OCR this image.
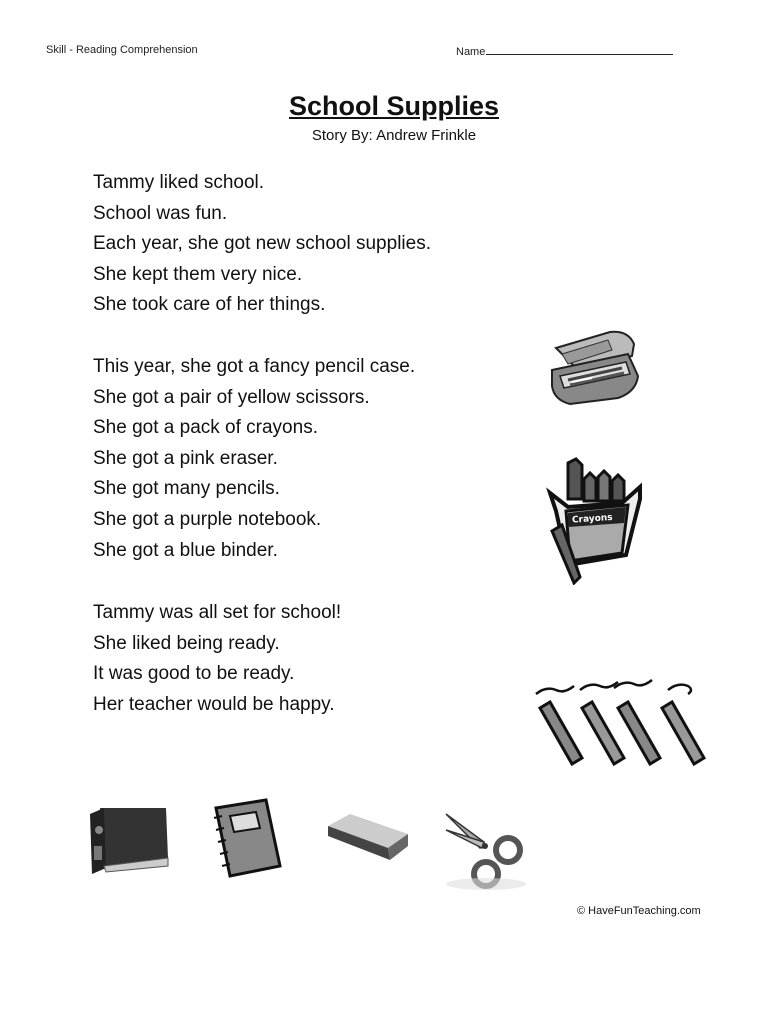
Skill - Reading Comprehension	Name
School Supplies
Story By: Andrew Frinkle
Tammy liked school.
School was fun.
Each year, she got new school supplies.
She kept them very nice.
She took care of her things.
This year, she got a fancy pencil case.
She got a pair of yellow scissors.
She got a pack of crayons.
She got a pink eraser.
She got many pencils.
She got a purple notebook.
She got a blue binder.
Tammy was all set for school!
She liked being ready.
It was good to be ready.
Her teacher would be happy.
Crayons
© HaveFunTeaching.com
